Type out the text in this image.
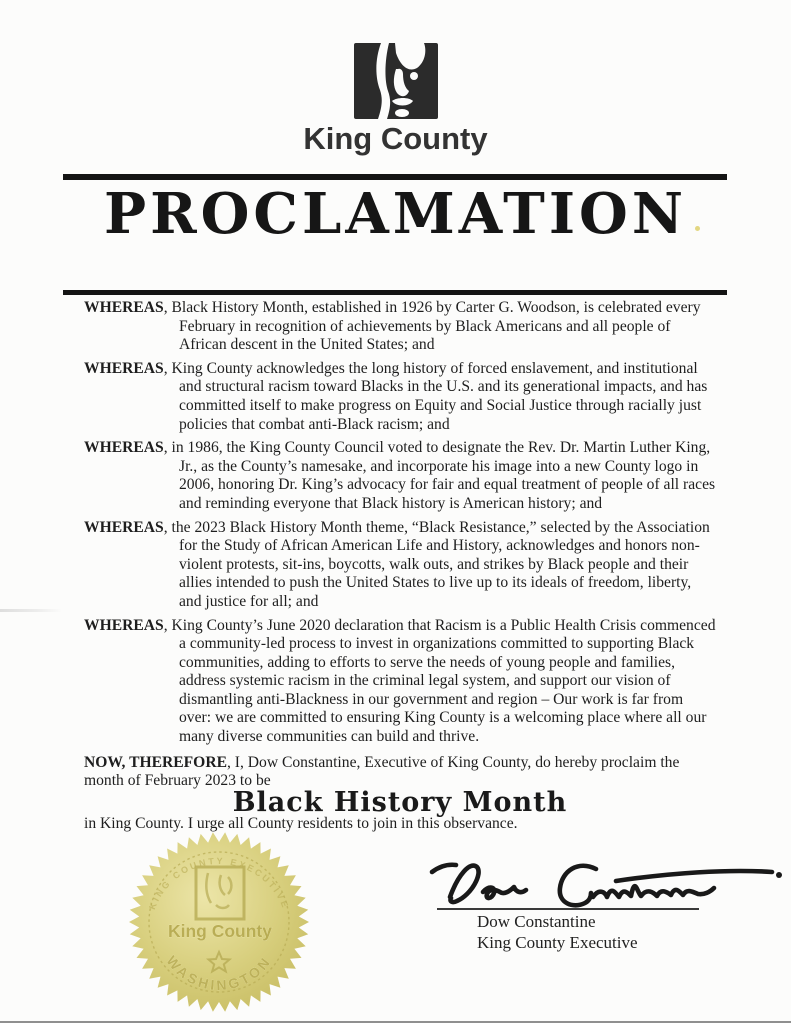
King County
PROCLAMATION

WHEREAS, Black History Month, established in 1926 by Carter G. Woodson, is celebrated every February in recognition of achievements by Black Americans and all people of African descent in the United States; and

WHEREAS, King County acknowledges the long history of forced enslavement, and institutional and structural racism toward Blacks in the U.S. and its generational impacts, and has committed itself to make progress on Equity and Social Justice through racially just policies that combat anti-Black racism; and

WHEREAS, in 1986, the King County Council voted to designate the Rev. Dr. Martin Luther King, Jr., as the County’s namesake, and incorporate his image into a new County logo in 2006, honoring Dr. King’s advocacy for fair and equal treatment of people of all races and reminding everyone that Black history is American history; and

WHEREAS, the 2023 Black History Month theme, “Black Resistance,” selected by the Association for the Study of African American Life and History, acknowledges and honors non-violent protests, sit-ins, boycotts, walk outs, and strikes by Black people and their allies intended to push the United States to live up to its ideals of freedom, liberty, and justice for all; and

WHEREAS, King County’s June 2020 declaration that Racism is a Public Health Crisis commenced a community-led process to invest in organizations committed to supporting Black communities, adding to efforts to serve the needs of young people and families, address systemic racism in the criminal legal system, and support our vision of dismantling anti-Blackness in our government and region – Our work is far from over: we are committed to ensuring King County is a welcoming place where all our many diverse communities can build and thrive.

NOW, THEREFORE, I, Dow Constantine, Executive of King County, do hereby proclaim the month of February 2023 to be

Black History Month

in King County. I urge all County residents to join in this observance.

KING COUNTY EXECUTIVE
WASHINGTON
King County	Dow Constantine
King County Executive
